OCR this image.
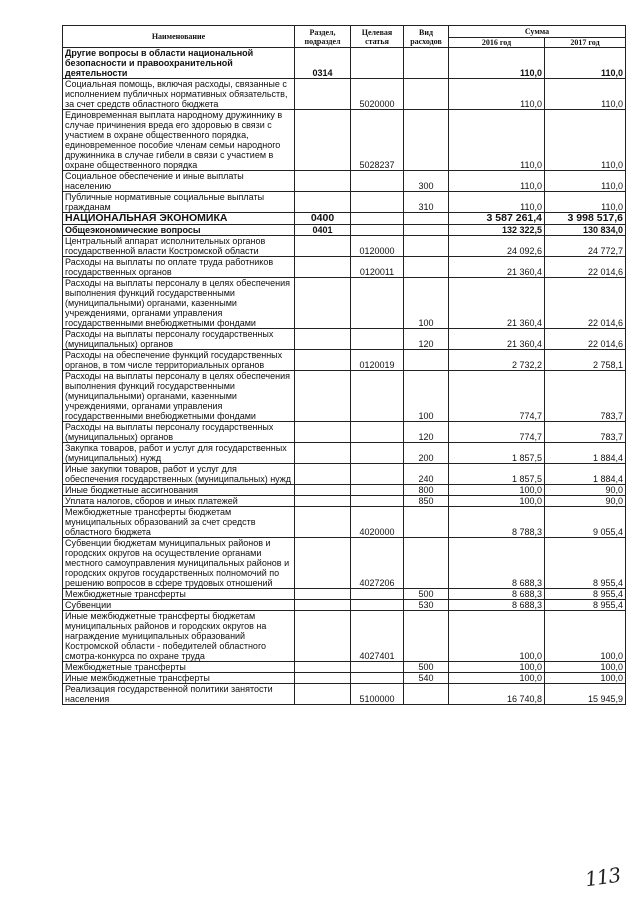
Наименование	Раздел, подраздел	Целевая статья	Вид расходов	Сумма	
				2016 год	2017 год
Другие вопросы в области национальной безопасности и правоохранительной деятельности	0314			110,0	110,0
Социальная помощь, включая расходы, связанные с исполнением публичных нормативных обязательств, за счет средств областного бюджета		5020000		110,0	110,0
Единовременная выплата народному дружиннику в случае причинения вреда его здоровью в связи с участием в охране общественного порядка, единовременное пособие членам семьи народного дружинника в случае гибели в связи с участием в охране общественного порядка		5028237		110,0	110,0
Социальное обеспечение и иные выплаты населению			300	110,0	110,0
Публичные нормативные социальные выплаты гражданам			310	110,0	110,0
НАЦИОНАЛЬНАЯ ЭКОНОМИКА	0400			3 587 261,4	3 998 517,6
Общеэкономические вопросы	0401			132 322,5	130 834,0
Центральный аппарат исполнительных органов государственной власти Костромской области		0120000		24 092,6	24 772,7
Расходы на выплаты по оплате труда работников государственных органов		0120011		21 360,4	22 014,6
Расходы на выплаты персоналу в целях обеспечения выполнения функций государственными (муниципальными) органами, казенными учреждениями, органами управления государственными внебюджетными фондами			100	21 360,4	22 014,6
Расходы на выплаты персоналу государственных (муниципальных) органов			120	21 360,4	22 014,6
Расходы на обеспечение функций государственных органов, в том числе территориальных органов		0120019		2 732,2	2 758,1
Расходы на выплаты персоналу в целях обеспечения выполнения функций государственными (муниципальными) органами, казенными учреждениями, органами управления государственными внебюджетными фондами			100	774,7	783,7
Расходы на выплаты персоналу государственных (муниципальных) органов			120	774,7	783,7
Закупка товаров, работ и услуг для государственных (муниципальных) нужд			200	1 857,5	1 884,4
Иные закупки товаров, работ и услуг для обеспечения государственных (муниципальных) нужд			240	1 857,5	1 884,4
Иные бюджетные ассигнования			800	100,0	90,0
Уплата налогов, сборов и иных платежей			850	100,0	90,0
Межбюджетные трансферты бюджетам муниципальных образований за счет средств областного бюджета		4020000		8 788,3	9 055,4
Субвенции бюджетам муниципальных районов и городских округов на осуществление органами местного самоуправления муниципальных районов и городских округов государственных полномочий по решению вопросов в сфере трудовых отношений		4027206		8 688,3	8 955,4
Межбюджетные трансферты			500	8 688,3	8 955,4
Субвенции			530	8 688,3	8 955,4
Иные межбюджетные трансферты бюджетам муниципальных районов и городских округов на награждение муниципальных образований Костромской области - победителей областного смотра-конкурса по охране труда		4027401		100,0	100,0
Межбюджетные трансферты			500	100,0	100,0
Иные межбюджетные трансферты			540	100,0	100,0
Реализация государственной политики занятости населения		5100000		16 740,8	15 945,9
113
